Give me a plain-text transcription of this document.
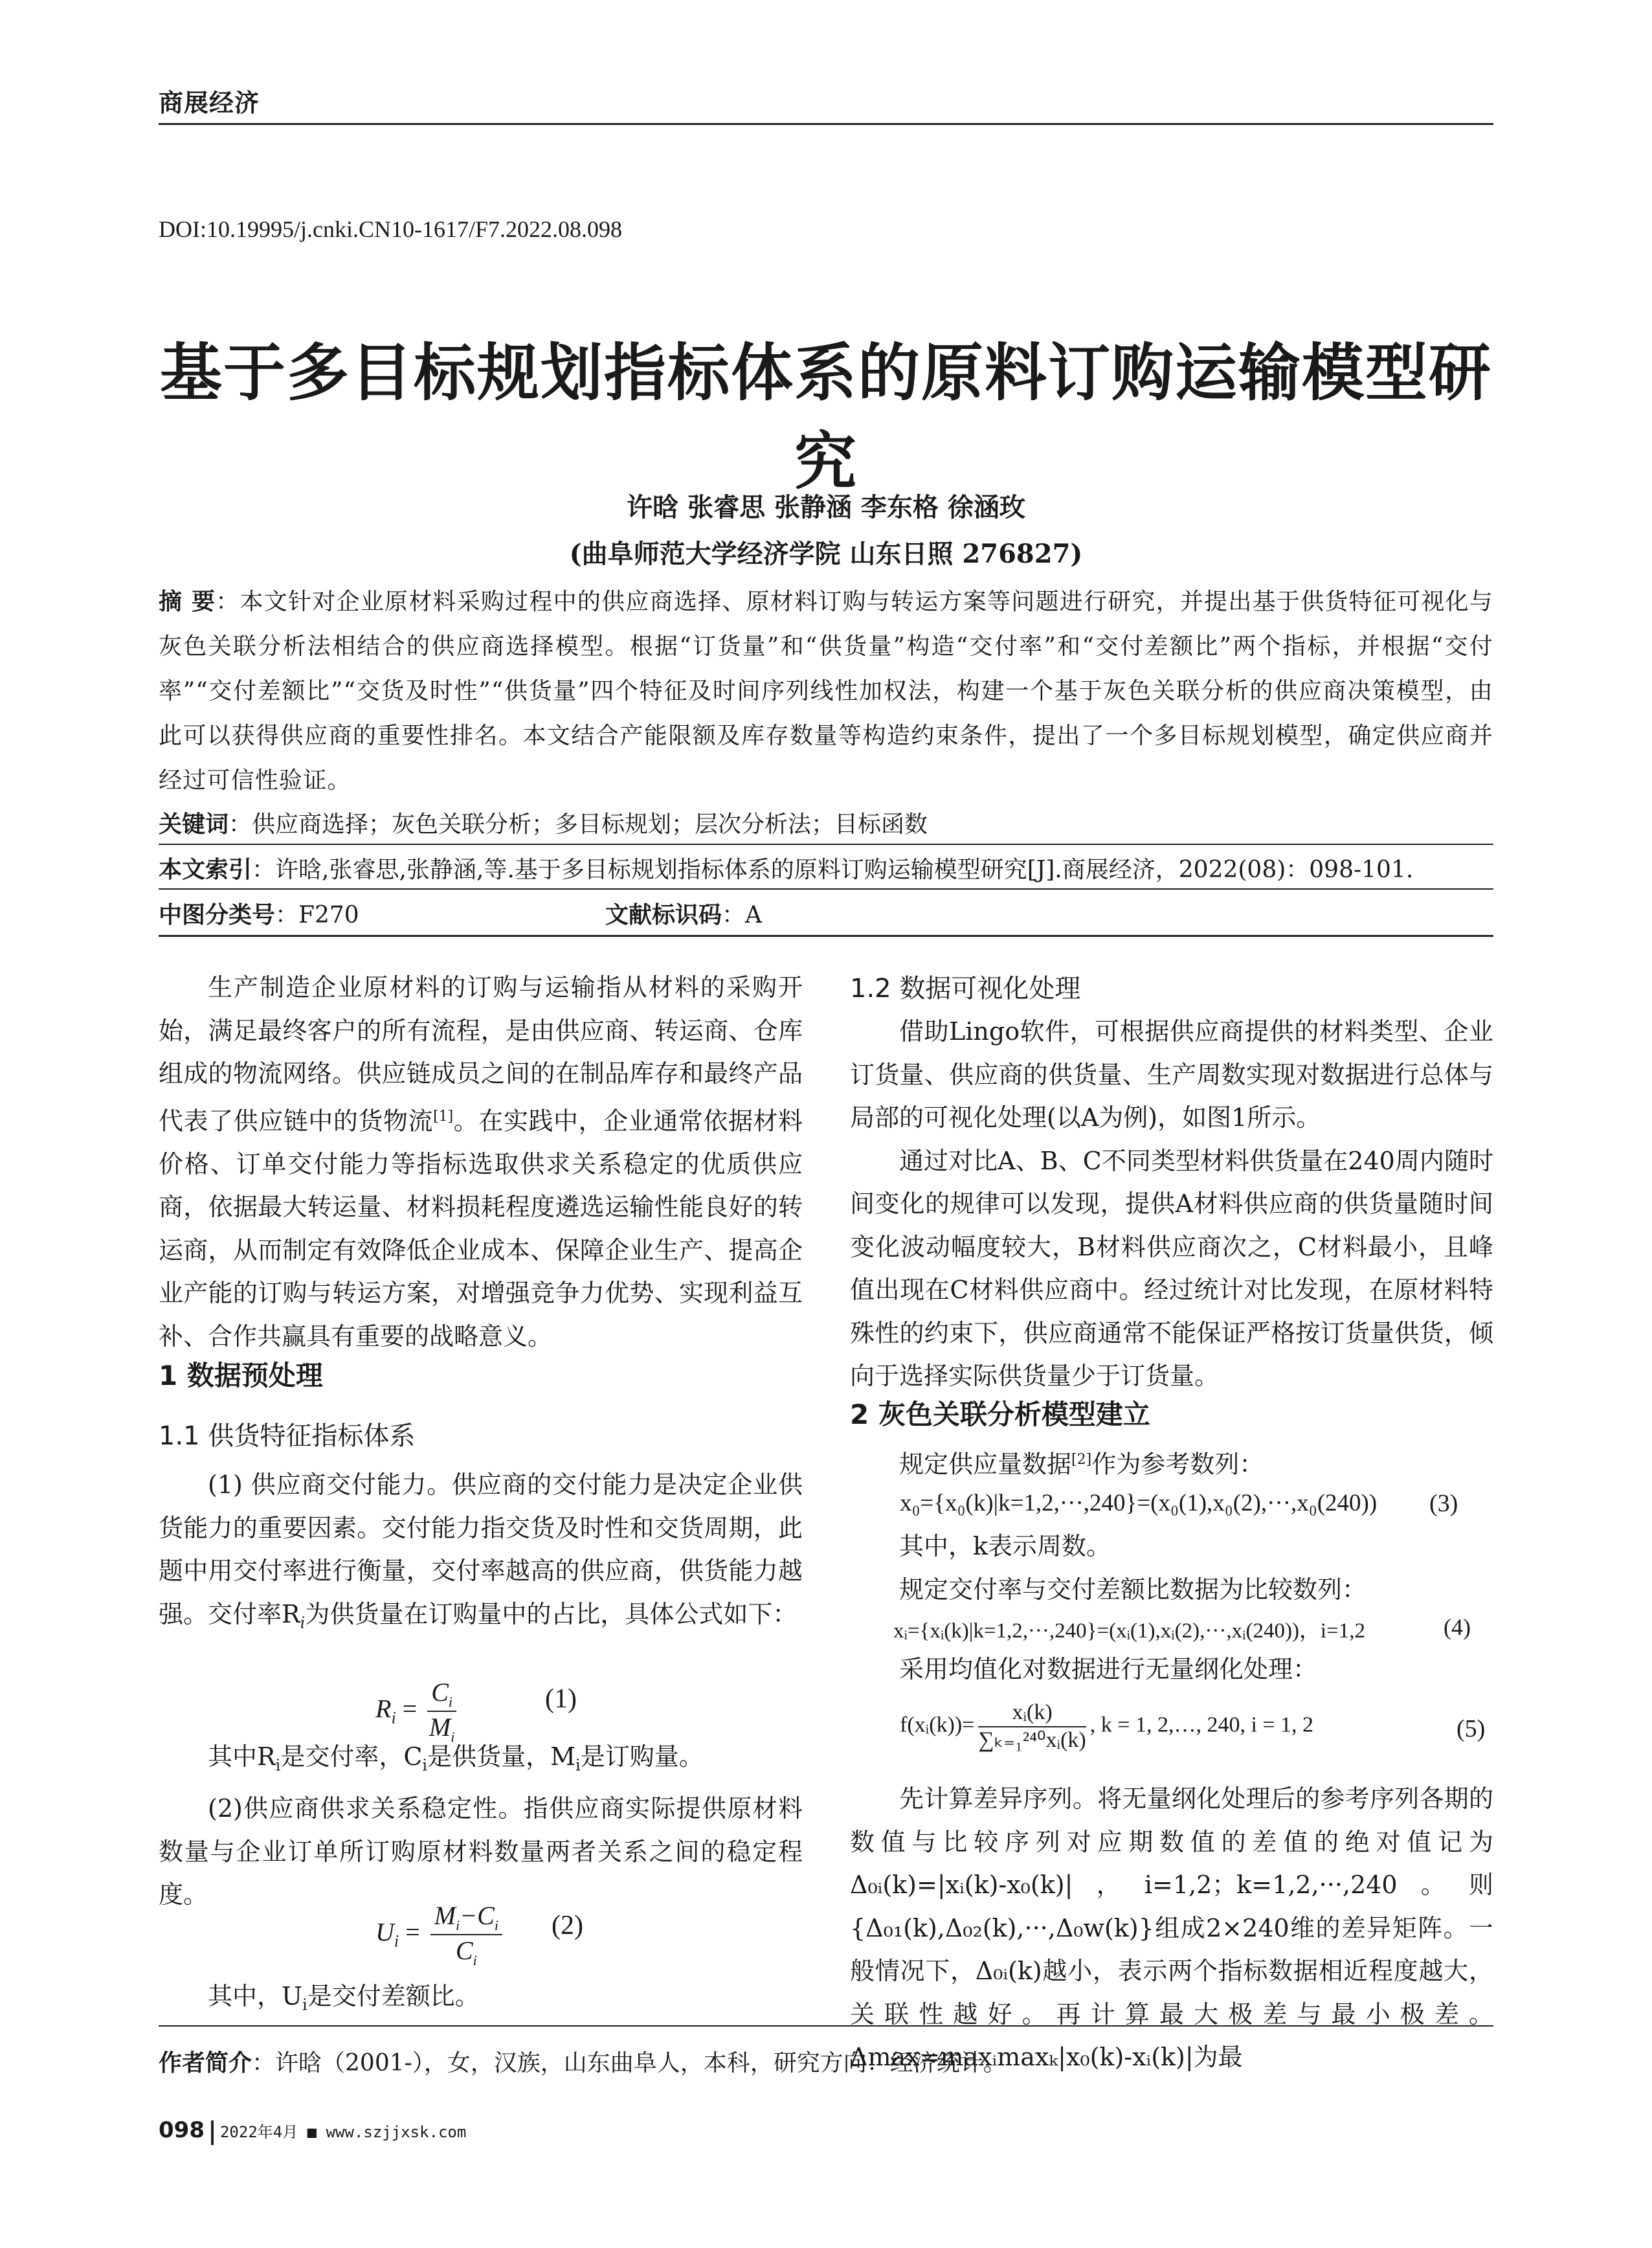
商展经济
DOI:10.19995/j.cnki.CN10-1617/F7.2022.08.098
基于多目标规划指标体系的原料订购运输模型研究
许晗 张睿思 张静涵 李东格 徐涵玫
(曲阜师范大学经济学院 山东日照 276827)
摘 要：本文针对企业原材料采购过程中的供应商选择、原材料订购与转运方案等问题进行研究，并提出基于供货特征可视化与灰色关联分析法相结合的供应商选择模型。根据“订货量”和“供货量”构造“交付率”和“交付差额比”两个指标，并根据“交付率”“交付差额比”“交货及时性”“供货量”四个特征及时间序列线性加权法，构建一个基于灰色关联分析的供应商决策模型，由此可以获得供应商的重要性排名。本文结合产能限额及库存数量等构造约束条件，提出了一个多目标规划模型，确定供应商并经过可信性验证。
关键词：供应商选择；灰色关联分析；多目标规划；层次分析法；目标函数
本文索引：许晗,张睿思,张静涵,等.基于多目标规划指标体系的原料订购运输模型研究[J].商展经济，2022(08)：098-101.
中图分类号：F270	文献标识码：A

生产制造企业原材料的订购与运输指从材料的采购开始，满足最终客户的所有流程，是由供应商、转运商、仓库组成的物流网络。供应链成员之间的在制品库存和最终产品代表了供应链中的货物流[1]。在实践中，企业通常依据材料价格、订单交付能力等指标选取供求关系稳定的优质供应商，依据最大转运量、材料损耗程度遴选运输性能良好的转运商，从而制定有效降低企业成本、保障企业生产、提高企业产能的订购与转运方案，对增强竞争力优势、实现利益互补、合作共赢具有重要的战略意义。

1 数据预处理
1.1 供货特征指标体系

(1) 供应商交付能力。供应商的交付能力是决定企业供货能力的重要因素。交付能力指交货及时性和交货周期，此题中用交付率进行衡量，交付率越高的供应商，供货能力越强。交付率$R_i$为供货量在订购量中的占比，具体公式如下：

$R_i = \frac{C_i}{M_i}$	(1)

其中$R_i$是交付率，$C_i$是供货量，$M_i$是订购量。

(2)供应商供求关系稳定性。指供应商实际提供原材料数量与企业订单所订购原材料数量两者关系之间的稳定程度。

$U_i = \frac{M_i-C_i}{C_i} (2)$

其中，$U_i$是交付差额比。

1.2 数据可视化处理

借助Lingo软件，可根据供应商提供的材料类型、企业订货量、供应商的供货量、生产周数实现对数据进行总体与局部的可视化处理(以A为例)，如图1所示。

通过对比A、B、C不同类型材料供货量在240周内随时间变化的规律可以发现，提供A材料供应商的供货量随时间变化波动幅度较大，B材料供应商次之，C材料最小，且峰值出现在C材料供应商中。经过统计对比发现，在原材料特殊性的约束下，供应商通常不能保证严格按订货量供货，倾向于选择实际供货量少于订货量。

2 灰色关联分析模型建立

规定供应量数据[2]作为参考数列：

x₀={x₀(k)|k=1,2,···,240}=(x₀(1),x₀(2),···,x₀(240)) (3)

其中，k表示周数。

规定交付率与交付差额比数据为比较数列：

xᵢ={xᵢ(k)|k=1,2,···,240}=(xᵢ(1),xᵢ(2),···,xᵢ(240))，i=1,2	(4)

采用均值化对数据进行无量纲化处理：

f(xᵢ(k))= $\frac{\text{xᵢ(k)}}{\text{∑ₖ₌₁²⁴⁰xᵢ(k)}}$ , k = 1, 2,…, 240, i = 1, 2	(5)

先计算差异序列。将无量纲化处理后的参考序列各期的数值与比较序列对应期数值的差值的绝对值记为Δ₀ᵢ(k)=|xᵢ(k)-x₀(k)|，i=1,2；k=1,2,···,240。则{Δ₀₁(k),Δ₀₂(k),···,Δ₀w(k)}组成2×240维的差异矩阵。一般情况下，Δ₀ᵢ(k)越小，表示两个指标数据相近程度越大，关联性越好。再计算最大极差与最小极差。Δmax=maxᵢmaxₖ|x₀(k)-xᵢ(k)|为最

作者简介：许晗（2001-），女，汉族，山东曲阜人，本科，研究方向：经济统计。
098 2022年4月 ■ www.szjjxsk.com
